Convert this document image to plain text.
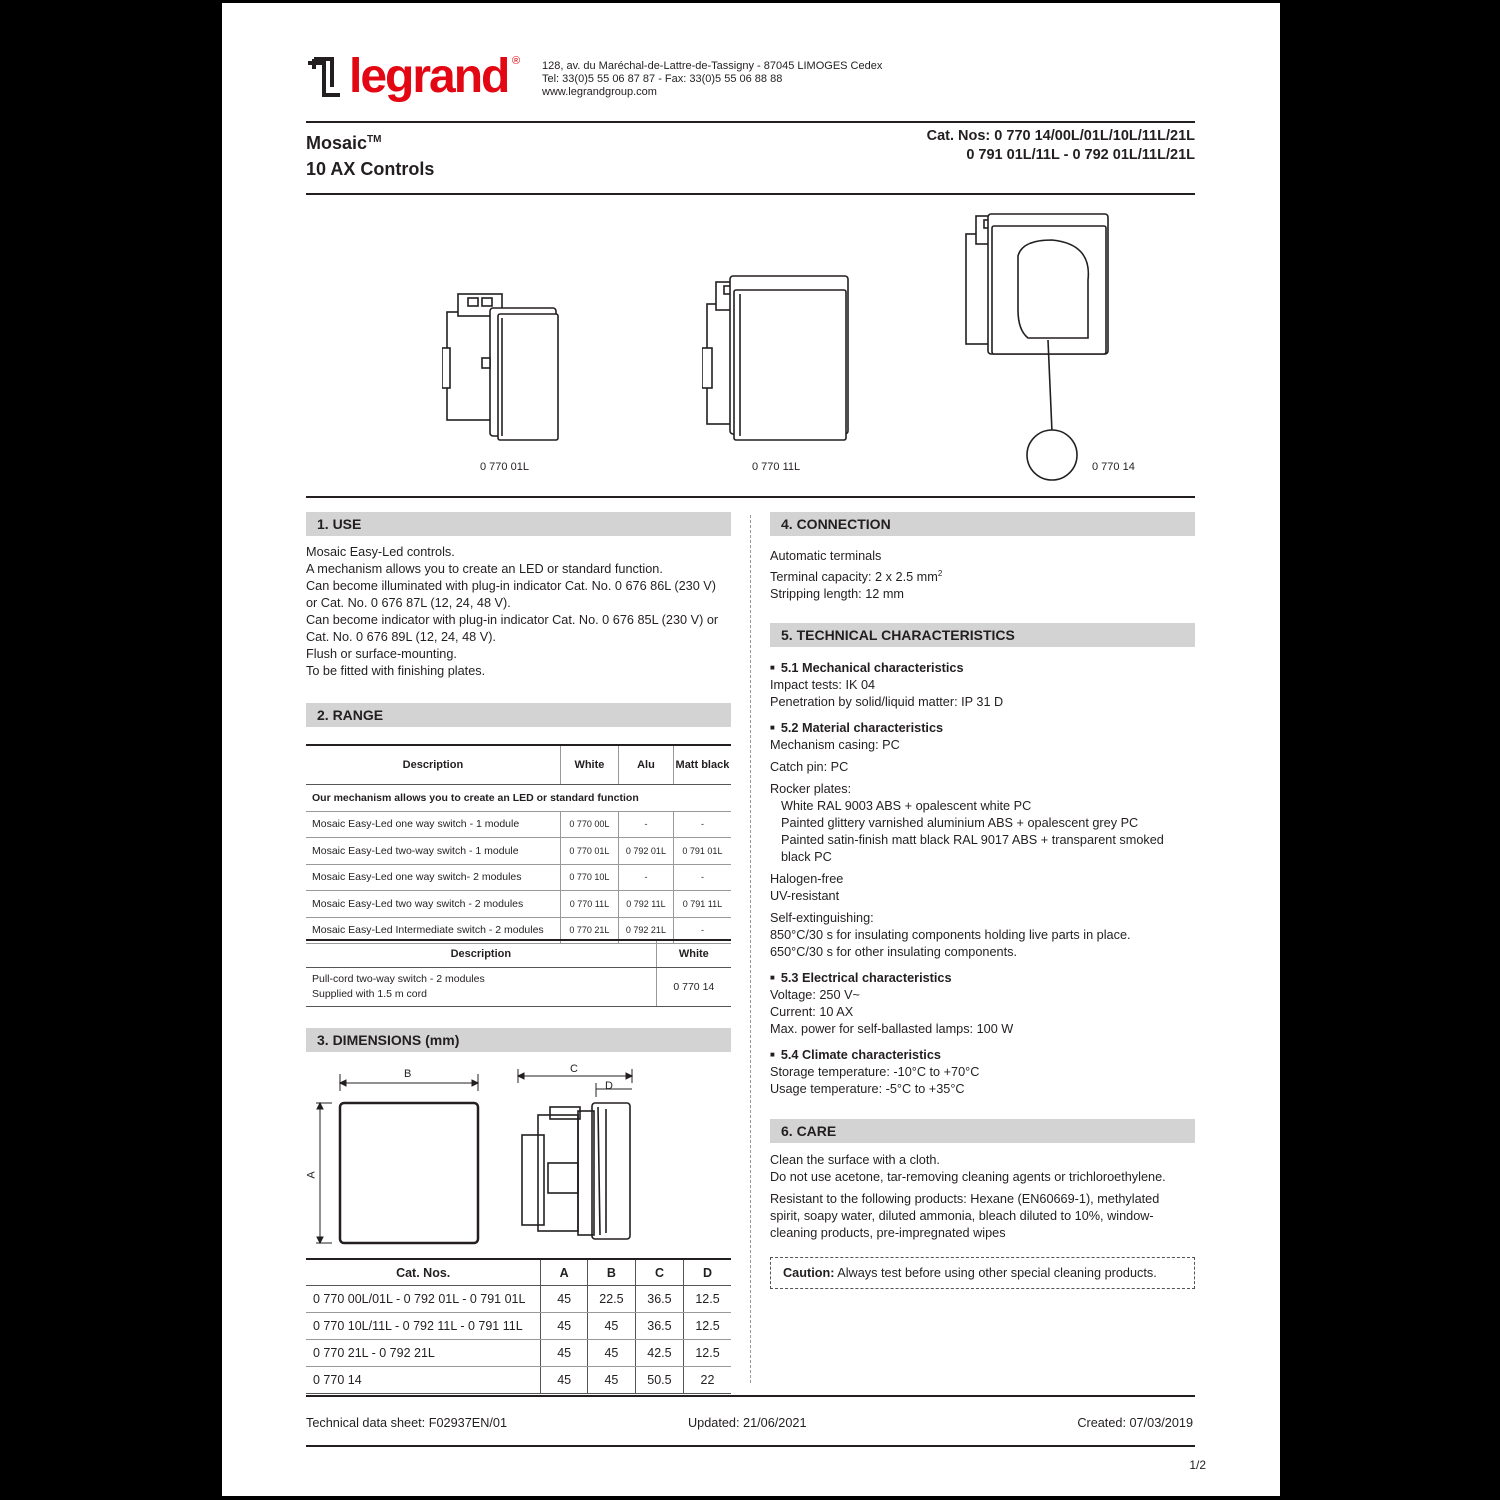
legrand ® 128, av. du Maréchal-de-Lattre-de-Tassigny - 87045 LIMOGES Cedex
Tel: 33(0)5 55 06 87 87 - Fax: 33(0)5 55 06 88 88
www.legrandgroup.com
Mosaic™
10 AX Controls
Cat. Nos: 0 770 14/00L/01L/10L/11L/21L
0 791 01L/11L - 0 792 01L/11L/21L
0 770 01L	0 770 11L	0 770 14
1. USE

Mosaic Easy-Led controls.

A mechanism allows you to create an LED or standard function.

Can become illuminated with plug-in indicator Cat. No. 0 676 86L (230 V)

or Cat. No. 0 676 87L (12, 24, 48 V).

Can become indicator with plug-in indicator Cat. No. 0 676 85L (230 V) or

Cat. No. 0 676 89L (12, 24, 48 V).

Flush or surface-mounting.

To be fitted with finishing plates.

2. RANGE
Description	White	Alu	Matt black
Our mechanism allows you to create an LED or standard function			
Mosaic Easy-Led one way switch - 1 module	0 770 00L	-	-
Mosaic Easy-Led two-way switch - 1 module	0 770 01L	0 792 01L	0 791 01L
Mosaic Easy-Led one way switch- 2 modules	0 770 10L	-	-
Mosaic Easy-Led two way switch - 2 modules	0 770 11L	0 792 11L	0 791 11L
Mosaic Easy-Led Intermediate switch - 2 modules	0 770 21L	0 792 21L	-
Description	White

Pull-cord two-way switch - 2 modules
Supplied with 1.5 m cord	0 770 14
3. DIMENSIONS (mm)
B
A
C
D
Cat. Nos.	A	B	C	D
0 770 00L/01L - 0 792 01L - 0 791 01L	45	22.5	36.5	12.5
0 770 10L/11L - 0 792 11L - 0 791 11L	45	45	36.5	12.5
0 770 21L - 0 792 21L	45	45	42.5	12.5
0 770 14	45	45	50.5	22
4. CONNECTION

Automatic terminals

Terminal capacity: 2 x 2.5 $mm^2$

Stripping length: 12 mm

5. TECHNICAL CHARACTERISTICS

■ 5.1 Mechanical characteristics

Impact tests: IK 04

Penetration by solid/liquid matter: IP 31 D

■ 5.2 Material characteristics

Mechanism casing: PC

Catch pin: PC

Rocker plates:

White RAL 9003 ABS + opalescent white PC

Painted glittery varnished aluminium ABS + opalescent grey PC

Painted satin-finish matt black RAL 9017 ABS + transparent smoked

black PC

Halogen-free

UV-resistant

Self-extinguishing:

850°C/30 s for insulating components holding live parts in place.

650°C/30 s for other insulating components.

■ 5.3 Electrical characteristics

Voltage: 250 V~

Current: 10 AX

Max. power for self-ballasted lamps: 100 W

■ 5.4 Climate characteristics

Storage temperature: -10°C to +70°C

Usage temperature: -5°C to +35°C

6. CARE

Clean the surface with a cloth.

Do not use acetone, tar-removing cleaning agents or trichloroethylene.

Resistant to the following products: Hexane (EN60669-1), methylated

spirit, soapy water, diluted ammonia, bleach diluted to 10%, window-

cleaning products, pre-impregnated wipes

Caution: Always test before using other special cleaning products.
Technical data sheet: F02937EN/01	Updated: 21/06/2021	Created: 07/03/2019
1/2
